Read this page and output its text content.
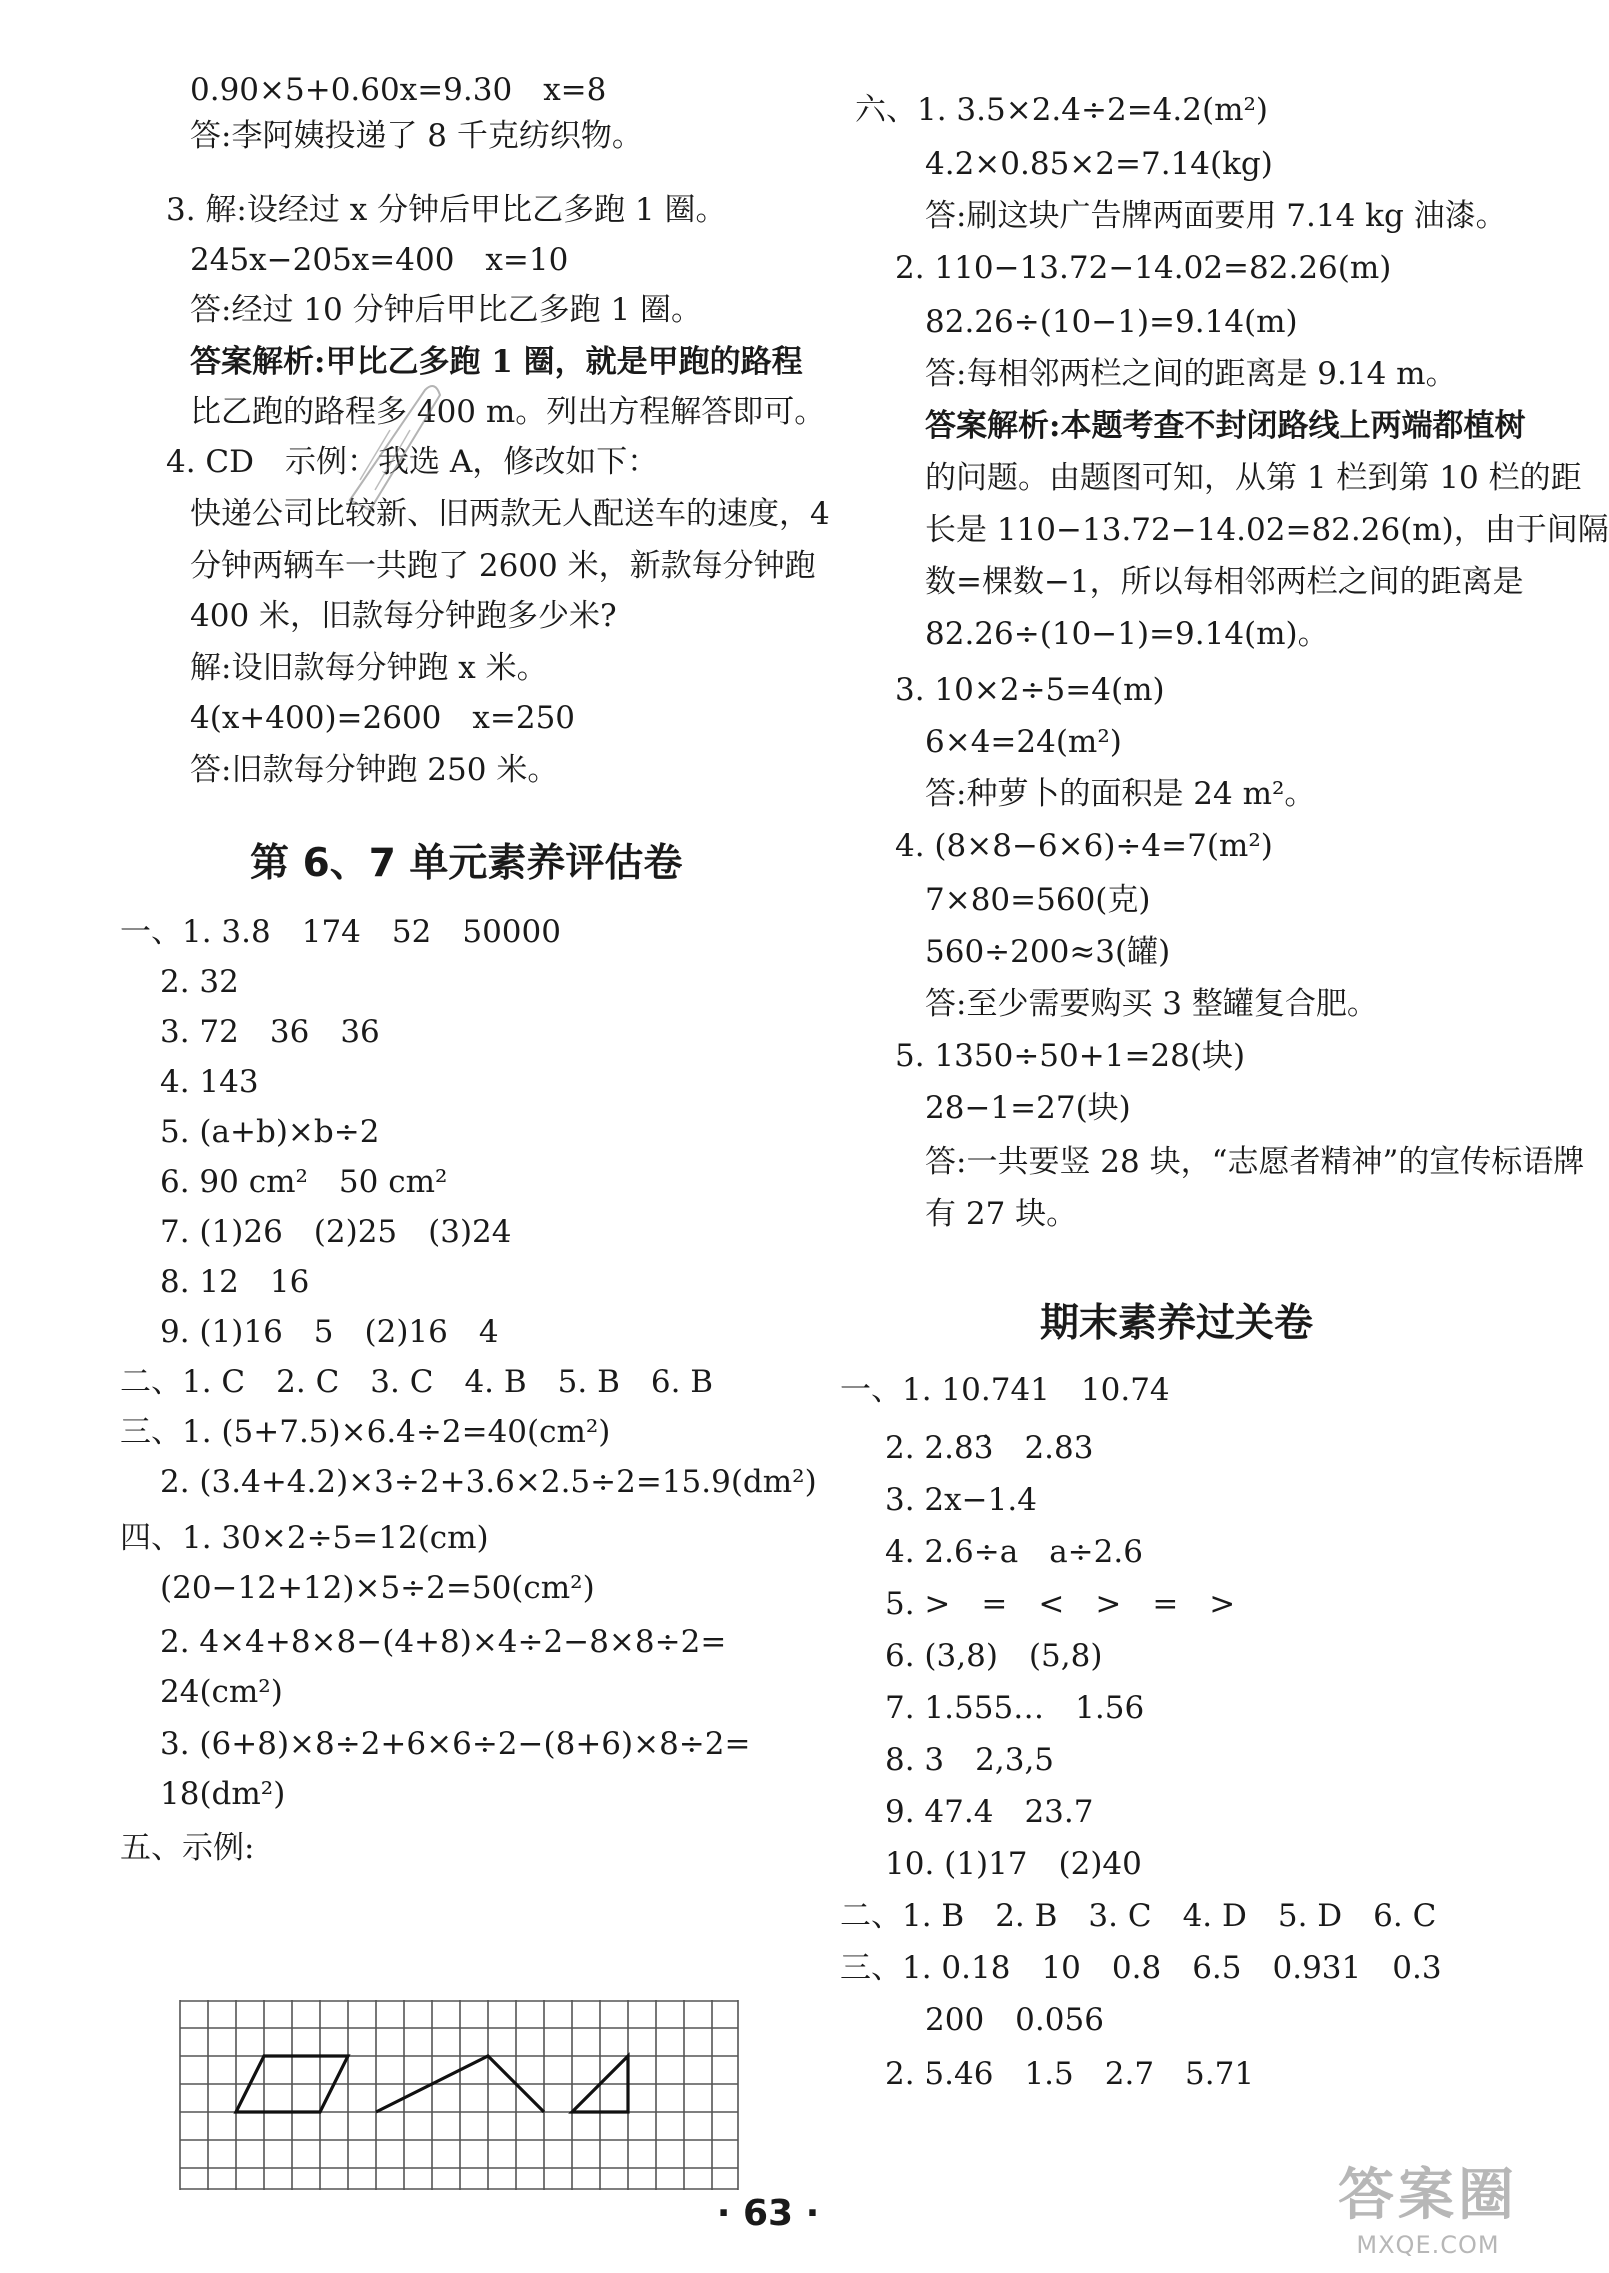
0.90×5+0.60x=9.30　x=8
答:李阿姨投递了 8 千克纺织物。
3. 解:设经过 x 分钟后甲比乙多跑 1 圈。
245x−205x=400　x=10
答:经过 10 分钟后甲比乙多跑 1 圈。
答案解析:甲比乙多跑 1 圈，就是甲跑的路程
比乙跑的路程多 400 m。列出方程解答即可。
4. CD　示例：我选 A，修改如下：
快递公司比较新、旧两款无人配送车的速度，4
分钟两辆车一共跑了 2600 米，新款每分钟跑
400 米，旧款每分钟跑多少米?
解:设旧款每分钟跑 x 米。
4(x+400)=2600　x=250
答:旧款每分钟跑 250 米。
第 6、7 单元素养评估卷
一、1. 3.8　174　52　50000
2. 32
3. 72　36　36
4. 143
5. (a+b)×b÷2
6. 90 cm²　50 cm²
7. (1)26　(2)25　(3)24
8. 12　16
9. (1)16　5　(2)16　4
二、1. C　2. C　3. C　4. B　5. B　6. B
三、1. (5+7.5)×6.4÷2=40(cm²)
2. (3.4+4.2)×3÷2+3.6×2.5÷2=15.9(dm²)
四、1. 30×2÷5=12(cm)
(20−12+12)×5÷2=50(cm²)
2. 4×4+8×8−(4+8)×4÷2−8×8÷2=
24(cm²)
3. (6+8)×8÷2+6×6÷2−(8+6)×8÷2=
18(dm²)
五、示例:
六、1. 3.5×2.4÷2=4.2(m²)
4.2×0.85×2=7.14(kg)
答:刷这块广告牌两面要用 7.14 kg 油漆。
2. 110−13.72−14.02=82.26(m)
82.26÷(10−1)=9.14(m)
答:每相邻两栏之间的距离是 9.14 m。
答案解析:本题考查不封闭路线上两端都植树
的问题。由题图可知，从第 1 栏到第 10 栏的距
长是 110−13.72−14.02=82.26(m)，由于间隔
数=棵数−1，所以每相邻两栏之间的距离是
82.26÷(10−1)=9.14(m)。
3. 10×2÷5=4(m)
6×4=24(m²)
答:种萝卜的面积是 24 m²。
4. (8×8−6×6)÷4=7(m²)
7×80=560(克)
560÷200≈3(罐)
答:至少需要购买 3 整罐复合肥。
5. 1350÷50+1=28(块)
28−1=27(块)
答:一共要竖 28 块，“志愿者精神”的宣传标语牌
有 27 块。
期末素养过关卷
一、1. 10.741　10.74
2. 2.83̇　2.83
3. 2x−1.4
4. 2.6÷a　a÷2.6
5. >　=　<　>　=　>
6. (3,8)　(5,8)
7. 1.555…　1.56
8. 3　2,3,5
9. 47.4　23.7
10. (1)17　(2)40
二、1. B　2. B　3. C　4. D　5. D　6. C
三、1. 0.18　10　0.8　6.5　0.931　0.3
200　0.056
2. 5.46　1.5　2.7　5.71
· 63 ·	答案圈
MXQE.COM
